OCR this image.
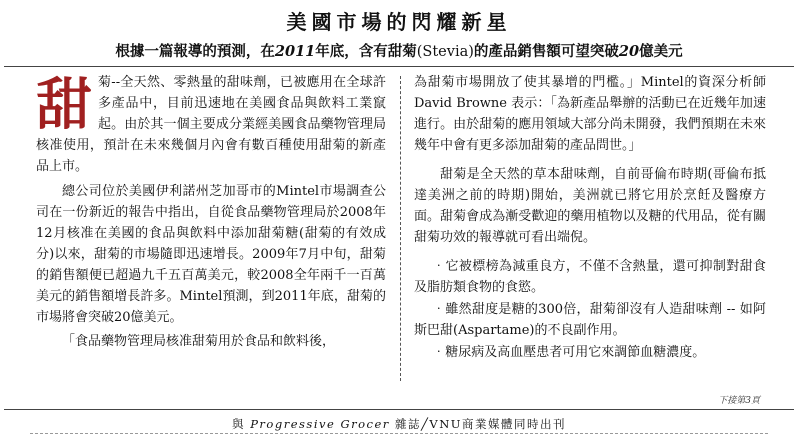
美國市場的閃耀新星
根據一篇報導的預測，在2011年底，含有甜菊(Stevia)的產品銷售額可望突破20億美元

甜菊--全天然、零熱量的甜味劑，已被應用在全球許多產品中，目前迅速地在美國食品與飲料工業竄起。由於其一個主要成分業經美國食品藥物管理局核准使用，預計在未來幾個月內會有數百種使用甜菊的新產品上市。

總公司位於美國伊利諾州芝加哥市的Mintel市場調查公司在一份新近的報告中指出，自從食品藥物管理局於2008年12月核准在美國的食品與飲料中添加甜菊糖(甜菊的有效成分)以來，甜菊的市場隨即迅速增長。2009年7月中旬，甜菊的銷售額便已超過九千五百萬美元，較2008全年兩千一百萬美元的銷售額增長許多。Mintel預測，到2011年底，甜菊的市場將會突破20億美元。

「食品藥物管理局核准甜菊用於食品和飲料後，

為甜菊市場開放了使其暴增的門檻。」Mintel的資深分析師 David Browne 表示：「為新產品舉辦的活動已在近幾年加速進行。由於甜菊的應用領域大部分尚未開發，我們預期在未來幾年中會有更多添加甜菊的產品問世。」

甜菊是全天然的草本甜味劑，自前哥倫布時期(哥倫布抵達美洲之前的時期)開始，美洲就已將它用於烹飪及醫療方面。甜菊會成為漸受歡迎的藥用植物以及糖的代用品，從有關甜菊功效的報導就可看出端倪。

‧它被標榜為減重良方，不僅不含熱量，還可抑制對甜食及脂肪類食物的食慾。

‧雖然甜度是糖的300倍，甜菊卻沒有人造甜味劑 -- 如阿斯巴甜(Aspartame)的不良副作用。

‧糖尿病及高血壓患者可用它來調節血糖濃度。

下接第3頁
與 Progressive Grocer 雜誌╱VNU商業媒體同時出刊
